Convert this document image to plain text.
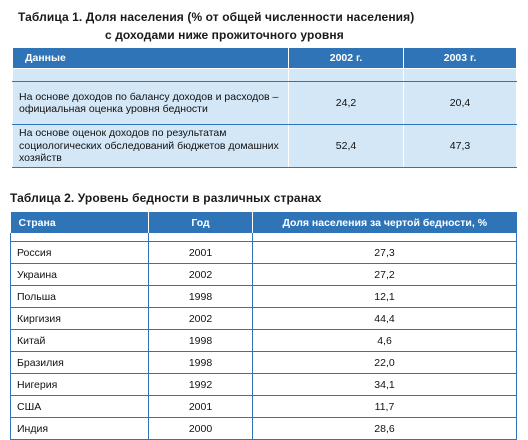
Таблица 1. Доля населения (% от общей численности населения)
с доходами ниже прожиточного уровня
Данные	2002 г.	2003 г.

На основе доходов по балансу доходов и расходов – официальная оценка уровня бедности	24,2	20,4
На основе оценок доходов по результатам социологических обследований бюджетов домашних хозяйств	52,4	47,3
Таблица 2. Уровень бедности в различных странах
Страна	Год	Доля населения за чертой бедности, %

Россия	2001	27,3
Украина	2002	27,2
Польша	1998	12,1
Киргизия	2002	44,4
Китай	1998	4,6
Бразилия	1998	22,0
Нигерия	1992	34,1
США	2001	11,7
Индия	2000	28,6
